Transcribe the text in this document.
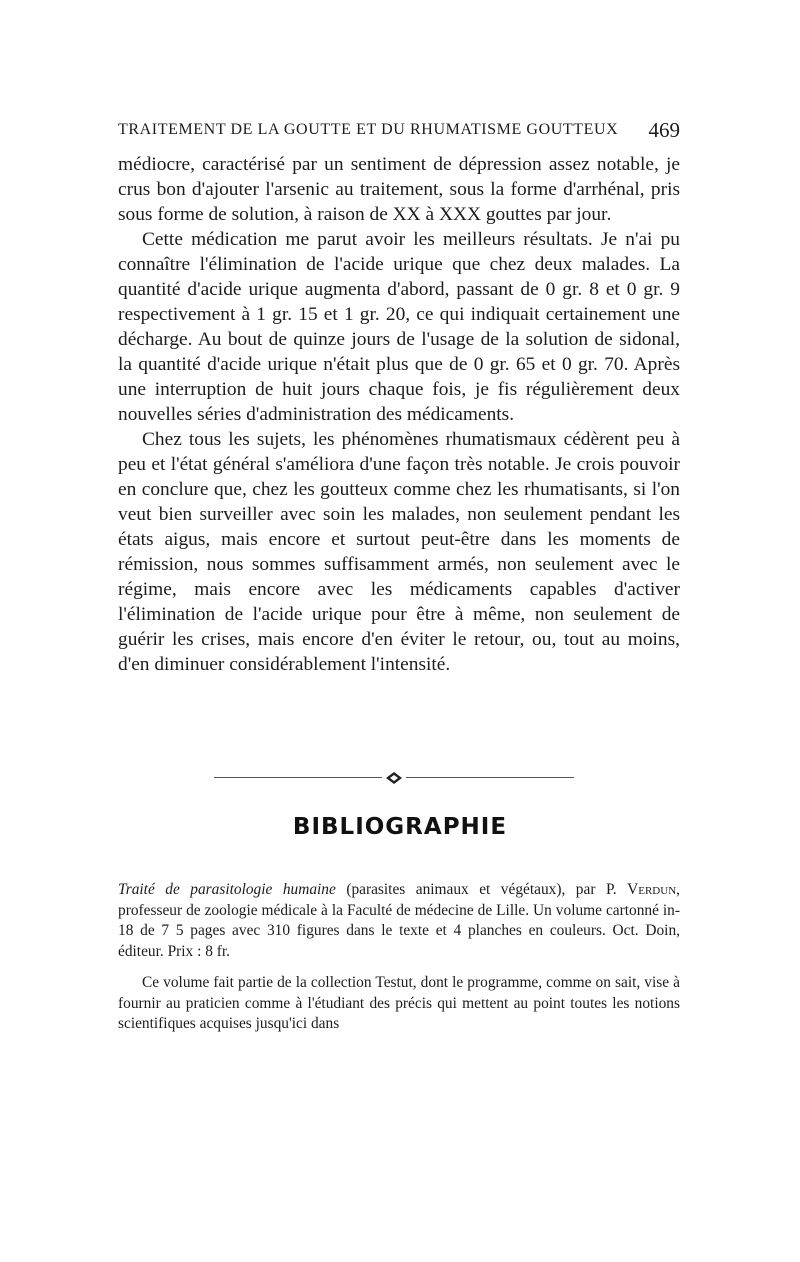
TRAITEMENT DE LA GOUTTE ET DU RHUMATISME GOUTTEUX 469

médiocre, caractérisé par un sentiment de dépression assez notable, je crus bon d'ajouter l'arsenic au traitement, sous la forme d'arrhénal, pris sous forme de solution, à raison de XX à XXX gouttes par jour.

Cette médication me parut avoir les meilleurs résultats. Je n'ai pu connaître l'élimination de l'acide urique que chez deux malades. La quantité d'acide urique augmenta d'abord, passant de 0 gr. 8 et 0 gr. 9 respectivement à 1 gr. 15 et 1 gr. 20, ce qui indiquait certainement une décharge. Au bout de quinze jours de l'usage de la solution de sidonal, la quantité d'acide urique n'était plus que de 0 gr. 65 et 0 gr. 70. Après une interruption de huit jours chaque fois, je fis régulièrement deux nouvelles séries d'administration des médicaments.

Chez tous les sujets, les phénomènes rhumatismaux cédèrent peu à peu et l'état général s'améliora d'une façon très notable. Je crois pouvoir en conclure que, chez les goutteux comme chez les rhumatisants, si l'on veut bien surveiller avec soin les malades, non seulement pendant les états aigus, mais encore et surtout peut-être dans les moments de rémission, nous sommes suffisamment armés, non seulement avec le régime, mais encore avec les médicaments capables d'activer l'élimination de l'acide urique pour être à même, non seulement de guérir les crises, mais encore d'en éviter le retour, ou, tout au moins, d'en diminuer considérablement l'intensité.

BIBLIOGRAPHIE

Traité de parasitologie humaine (parasites animaux et végétaux), par P. Verdun, professeur de zoologie médicale à la Faculté de médecine de Lille. Un volume cartonné in-18 de 7 5 pages avec 310 figures dans le texte et 4 planches en couleurs. Oct. Doin, éditeur. Prix : 8 fr.

Ce volume fait partie de la collection Testut, dont le programme, comme on sait, vise à fournir au praticien comme à l'étudiant des précis qui mettent au point toutes les notions scientifiques acquises jusqu'ici dans
